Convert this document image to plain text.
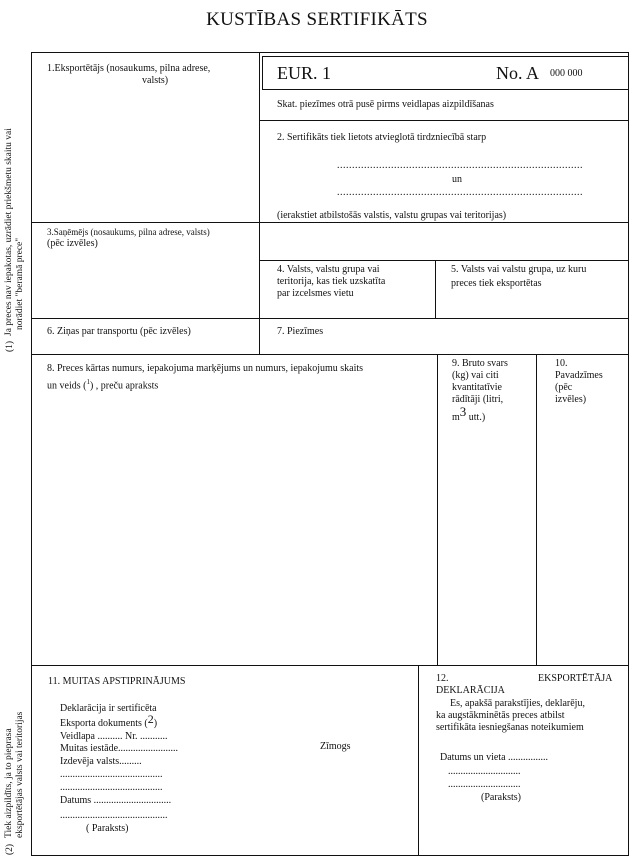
KUSTĪBAS SERTIFIKĀTS
(1)
Ja preces nav iepakotas, uzrādiet priekšmetu skaitu vai norādiet "beramā prece"
(2)
Tiek aizpildīts, ja to pieprasa eksportētājas valsts vai teritorijas
1.Eksportētājs (nosaukums, pilna adrese,
valsts)	EUR. 1	No. A 000 000
Skat. piezīmes otrā pusē pirms veidlapas aizpildīšanas
2. Sertifikāts tiek lietots atvieglotā tirdzniecībā starp
..................................................................................
un
..................................................................................
(ierakstiet atbilstošās valstis, valstu grupas vai teritorijas)
3.Saņēmējs (nosaukums, pilna adrese, valsts)
(pēc izvēles)
4. Valsts, valstu grupa vai
teritorija, kas tiek uzskatīta
par izcelsmes vietu
5. Valsts vai valstu grupa, uz kuru
preces tiek eksportētas
6. Ziņas par transportu (pēc izvēles)	7. Piezīmes
8. Preces kārtas numurs, iepakojuma marķējums un numurs, iepakojumu skaits
un veids ($^1$) , preču apraksts
9. Bruto svars
(kg) vai citi
kvantitatīvie
rādītāji (litri,
m3 utt.)
10.
Pavadzīmes
(pēc
izvēles)
11. MUITAS APSTIPRINĀJUMS
Deklarācija ir sertificēta
Eksporta dokuments (2)
Veidlapa .......... Nr. ...........
Muitas iestāde........................
Izdevēja valsts.........
.........................................
.........................................
Datums ...............................
...........................................
( Paraksts)
Zīmogs
12.	EKSPORTĒTĀJA
DEKLARĀCIJA
Es, apakšā parakstījies, deklarēju,
ka augstākminētās preces atbilst
sertifikāta iesniegšanas noteikumiem
Datums un vieta ................
.............................
.............................
(Paraksts)
